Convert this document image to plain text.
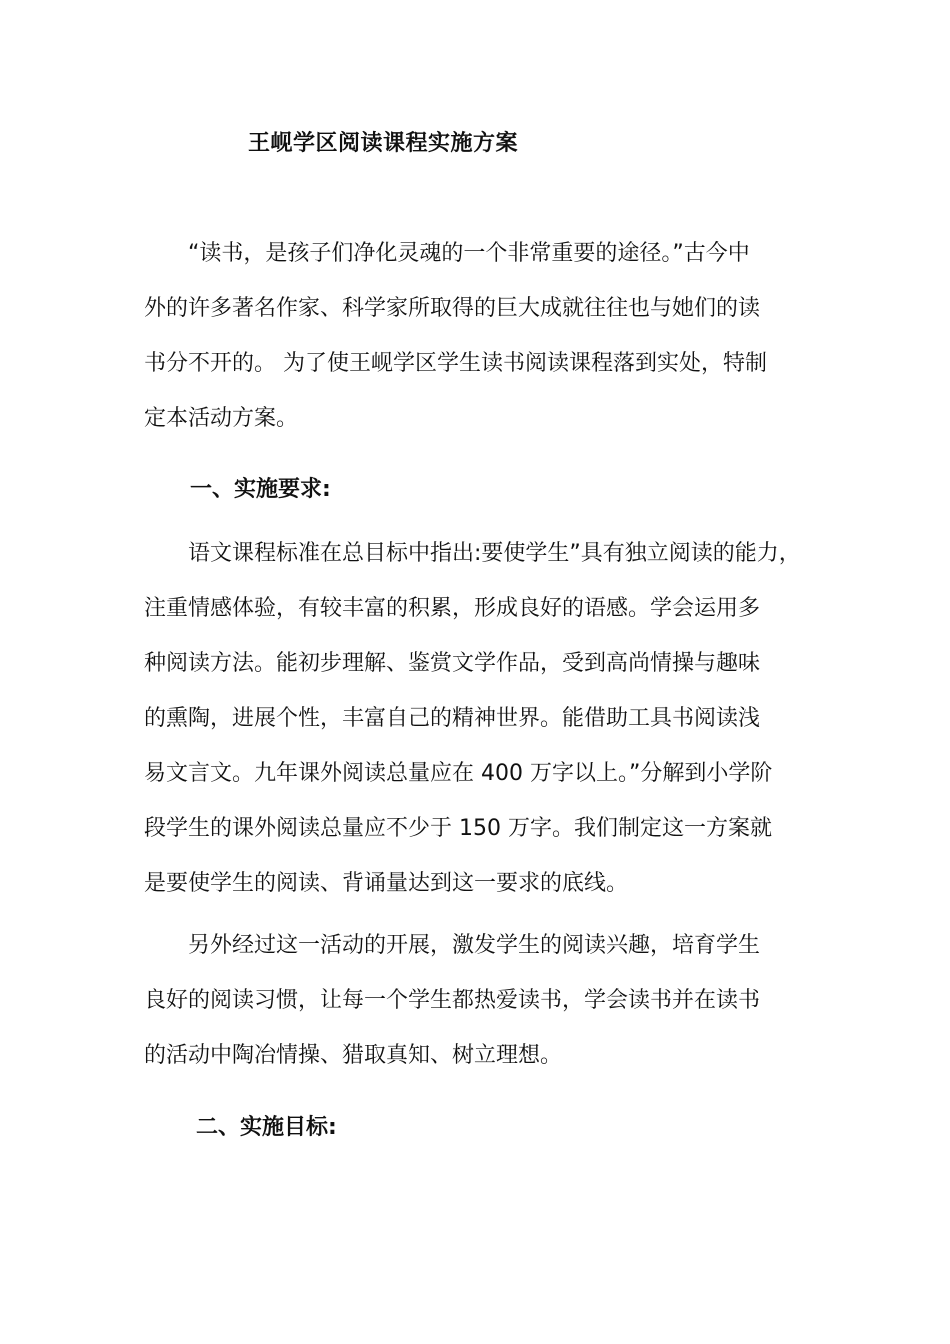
王岘学区阅读课程实施方案

“读书，是孩子们净化灵魂的一个非常重要的途径。”古今中
外的许多著名作家、科学家所取得的巨大成就往往也与她们的读
书分不开的。 为了使王岘学区学生读书阅读课程落到实处，特制
定本活动方案。

一、实施要求:

语文课程标准在总目标中指出:要使学生”具有独立阅读的能力，
注重情感体验，有较丰富的积累，形成良好的语感。学会运用多
种阅读方法。能初步理解、鉴赏文学作品，受到高尚情操与趣味
的熏陶，进展个性，丰富自己的精神世界。能借助工具书阅读浅
易文言文。九年课外阅读总量应在 400 万字以上。”分解到小学阶
段学生的课外阅读总量应不少于 150 万字。我们制定这一方案就
是要使学生的阅读、背诵量达到这一要求的底线。

另外经过这一活动的开展，激发学生的阅读兴趣，培育学生
良好的阅读习惯，让每一个学生都热爱读书，学会读书并在读书
的活动中陶冶情操、猎取真知、树立理想。

二、实施目标:
